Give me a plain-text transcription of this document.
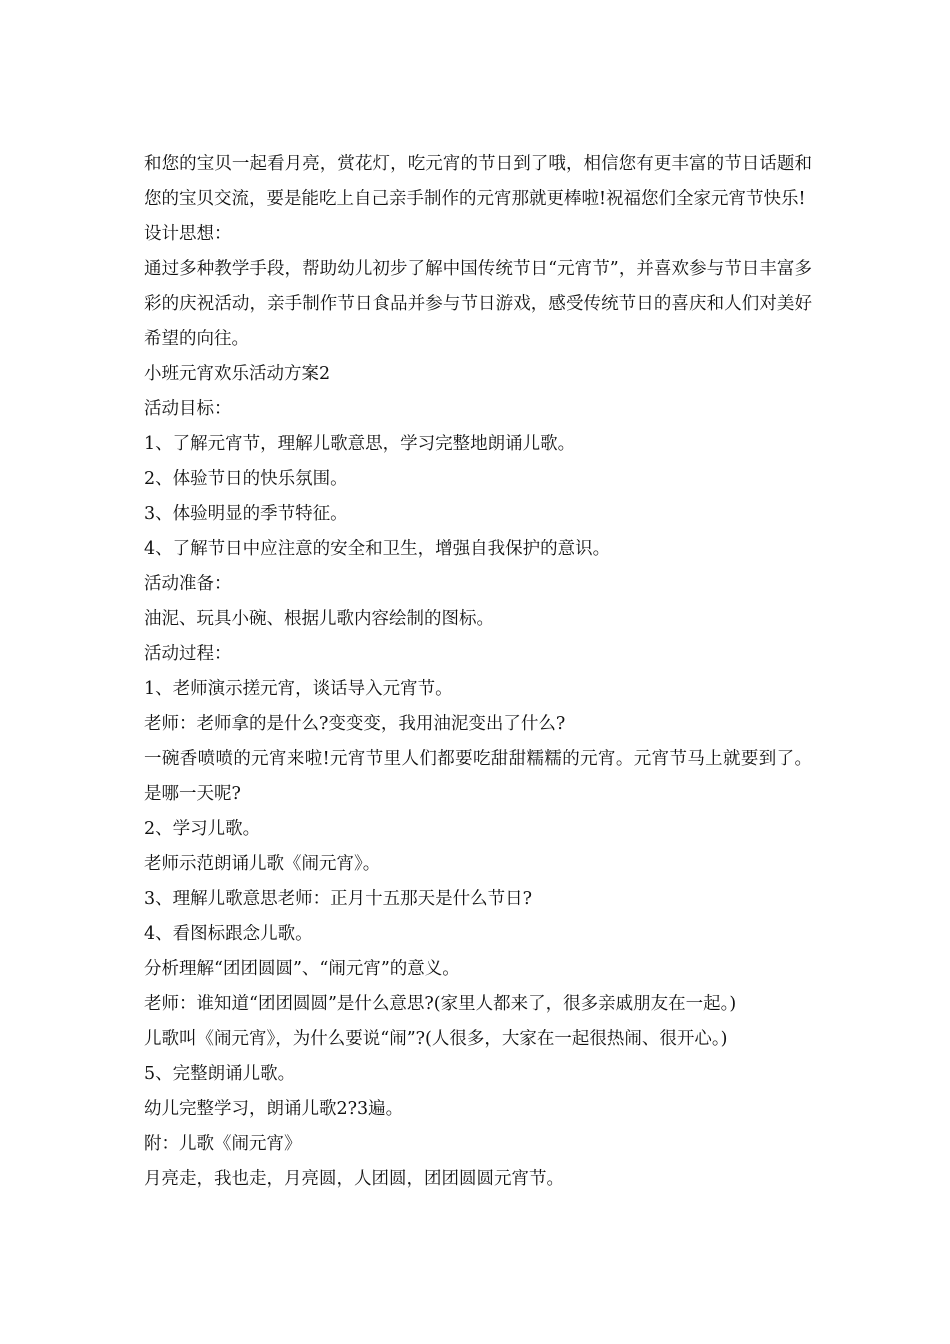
和您的宝贝一起看月亮，赏花灯，吃元宵的节日到了哦，相信您有更丰富的节日话题和您的宝贝交流，要是能吃上自己亲手制作的元宵那就更棒啦!祝福您们全家元宵节快乐!

设计思想：

通过多种教学手段，帮助幼儿初步了解中国传统节日“元宵节”，并喜欢参与节日丰富多彩的庆祝活动，亲手制作节日食品并参与节日游戏，感受传统节日的喜庆和人们对美好希望的向往。

小班元宵欢乐活动方案2

活动目标：

1、了解元宵节，理解儿歌意思，学习完整地朗诵儿歌。

2、体验节日的快乐氛围。

3、体验明显的季节特征。

4、了解节日中应注意的安全和卫生，增强自我保护的意识。

活动准备：

油泥、玩具小碗、根据儿歌内容绘制的图标。

活动过程：

1、老师演示搓元宵，谈话导入元宵节。

老师：老师拿的是什么?变变变，我用油泥变出了什么?

一碗香喷喷的元宵来啦!元宵节里人们都要吃甜甜糯糯的元宵。元宵节马上就要到了。是哪一天呢?

2、学习儿歌。

老师示范朗诵儿歌《闹元宵》。

3、理解儿歌意思老师：正月十五那天是什么节日?

4、看图标跟念儿歌。

分析理解“团团圆圆”、“闹元宵”的意义。

老师：谁知道“团团圆圆”是什么意思?(家里人都来了，很多亲戚朋友在一起。)

儿歌叫《闹元宵》，为什么要说“闹”?(人很多，大家在一起很热闹、很开心。)

5、完整朗诵儿歌。

幼儿完整学习，朗诵儿歌2?3遍。

附：儿歌《闹元宵》

月亮走，我也走，月亮圆，人团圆，团团圆圆元宵节。
